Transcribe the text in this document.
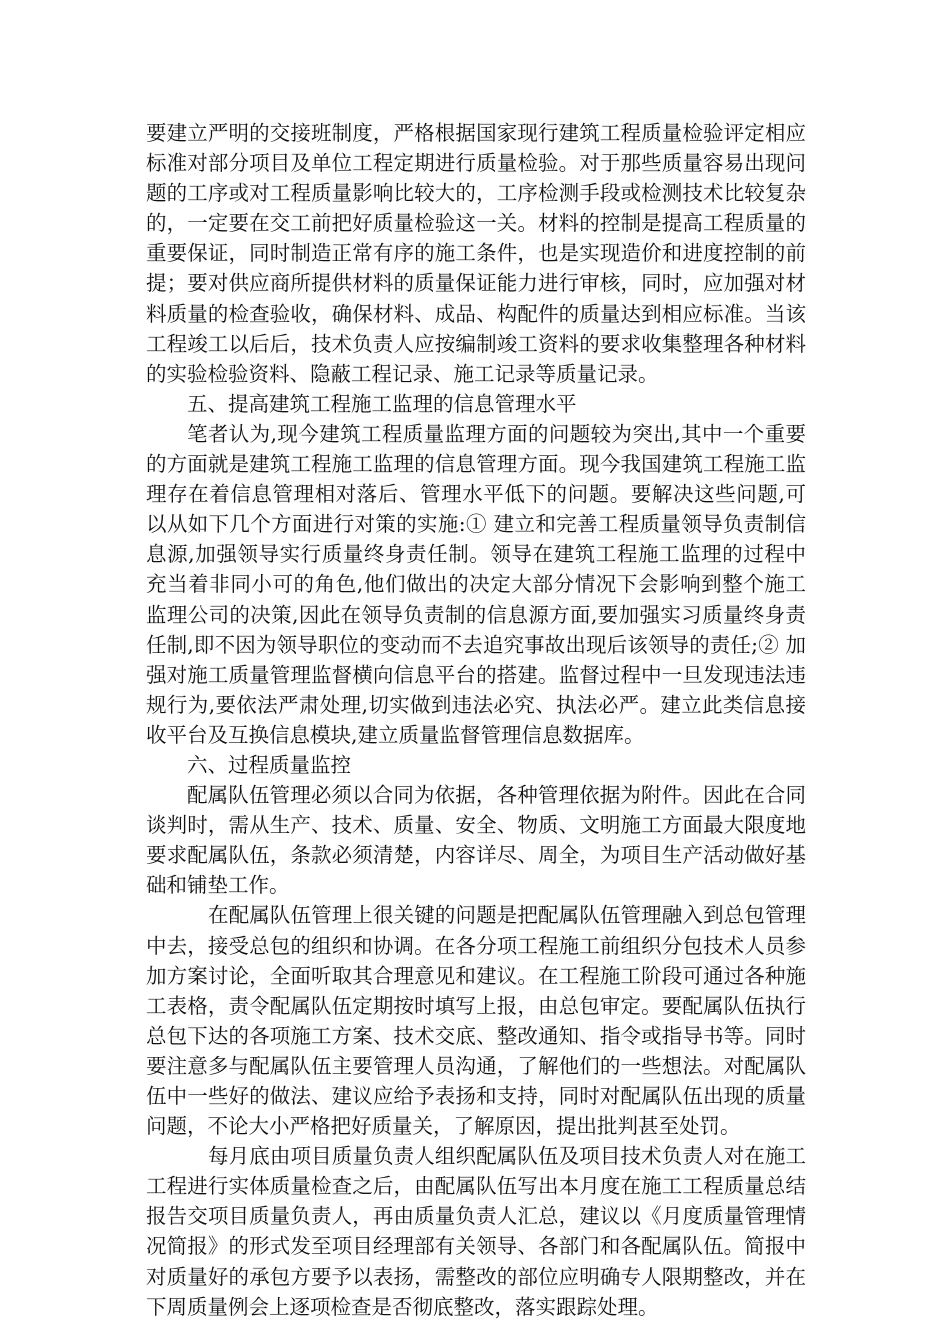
要建立严明的交接班制度，严格根据国家现行建筑工程质量检验评定相应标准对部分项目及单位工程定期进行质量检验。对于那些质量容易出现问题的工序或对工程质量影响比较大的，工序检测手段或检测技术比较复杂的，一定要在交工前把好质量检验这一关。材料的控制是提高工程质量的重要保证，同时制造正常有序的施工条件，也是实现造价和进度控制的前提；要对供应商所提供材料的质量保证能力进行审核，同时，应加强对材料质量的检查验收，确保材料、成品、构配件的质量达到相应标准。当该工程竣工以后后，技术负责人应按编制竣工资料的要求收集整理各种材料的实验检验资料、隐蔽工程记录、施工记录等质量记录。

五、提高建筑工程施工监理的信息管理水平

笔者认为,现今建筑工程质量监理方面的问题较为突出,其中一个重要的方面就是建筑工程施工监理的信息管理方面。现今我国建筑工程施工监理存在着信息管理相对落后、管理水平低下的问题。要解决这些问题,可以从如下几个方面进行对策的实施:① 建立和完善工程质量领导负责制信息源,加强领导实行质量终身责任制。领导在建筑工程施工监理的过程中充当着非同小可的角色,他们做出的决定大部分情况下会影响到整个施工监理公司的决策,因此在领导负责制的信息源方面,要加强实习质量终身责任制,即不因为领导职位的变动而不去追究事故出现后该领导的责任;② 加强对施工质量管理监督横向信息平台的搭建。监督过程中一旦发现违法违规行为,要依法严肃处理,切实做到违法必究、执法必严。建立此类信息接收平台及互换信息模块,建立质量监督管理信息数据库。

六、过程质量监控

配属队伍管理必须以合同为依据，各种管理依据为附件。因此在合同谈判时，需从生产、技术、质量、安全、物质、文明施工方面最大限度地要求配属队伍，条款必须清楚，内容详尽、周全，为项目生产活动做好基础和铺垫工作。

在配属队伍管理上很关键的问题是把配属队伍管理融入到总包管理中去，接受总包的组织和协调。在各分项工程施工前组织分包技术人员参加方案讨论，全面听取其合理意见和建议。在工程施工阶段可通过各种施工表格，责令配属队伍定期按时填写上报，由总包审定。要配属队伍执行总包下达的各项施工方案、技术交底、整改通知、指令或指导书等。同时要注意多与配属队伍主要管理人员沟通，了解他们的一些想法。对配属队伍中一些好的做法、建议应给予表扬和支持，同时对配属队伍出现的质量问题，不论大小严格把好质量关，了解原因，提出批判甚至处罚。

每月底由项目质量负责人组织配属队伍及项目技术负责人对在施工工程进行实体质量检查之后，由配属队伍写出本月度在施工工程质量总结报告交项目质量负责人，再由质量负责人汇总，建议以《月度质量管理情况简报》的形式发至项目经理部有关领导、各部门和各配属队伍。简报中对质量好的承包方要予以表扬，需整改的部位应明确专人限期整改，并在下周质量例会上逐项检查是否彻底整改，落实跟踪处理。
